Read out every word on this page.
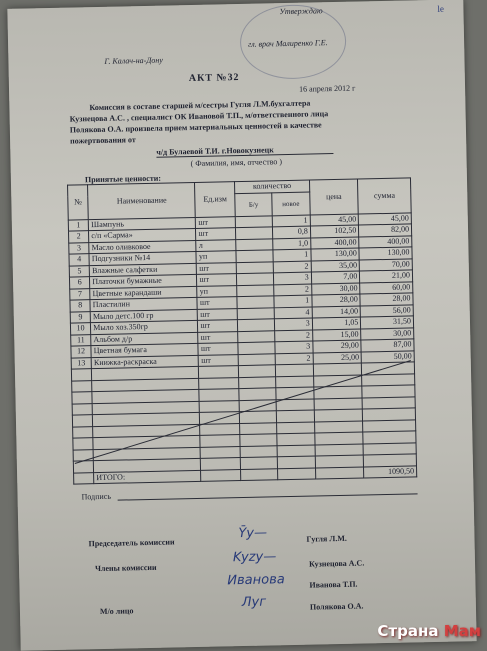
Утверждаю
гл. врач Малиренко Г.Е.
Г. Калач-на-Дону
АКТ №32
16 апреля 2012 г
le
Комиссия в составе старшей м/сестры Гугля Л.М.бухгалтера
Кузнецова А.С. , специалист ОК Ивановой Т.П., м/ответственного лица
Полякова О.А. произвела прием материальных ценностей в качестве
пожертвования от
ч/д Булаевой Т.И. г.Новокузнецк
( Фамилия, имя, отчество )
Принятые ценности:
№	Наименование	Ед.изм	количество		цена	сумма
			Б/у	новое		
1	Шампунь	шт		1	45,00	45,00
2	с/п «Сарма»	шт		0,8	102,50	82,00
3	Масло оливковое	л		1,0	400,00	400,00
4	Подгузники №14	уп		1	130,00	130,00
5	Влажные салфетки	шт		2	35,00	70,00
6	Платочки бумажные	шт		3	7,00	21,00
7	Цветные карандаши	уп		2	30,00	60,00
8	Пластилин	шт		1	28,00	28,00
9	Мыло детс.100 гр	шт		4	14,00	56,00
10	Мыло хоз.350гр	шт		3	1,05	31,50
11	Альбом д/р	шт		2	15,00	30,00
12	Цветная бумага	шт		3	29,00	87,00
13	Книжка-раскраска	шт		2	25,00	50,00

	ИТОГО:					1090,50
Подпись
Председатель комиссии
Ȳy—	Гугля Л.М.
Члены комиссии
Kyzy—	Кузнецова А.С.
Иванова	Иванова Т.П.
М/о лицо
Луг	Полякова О.А.
Страна Мам
